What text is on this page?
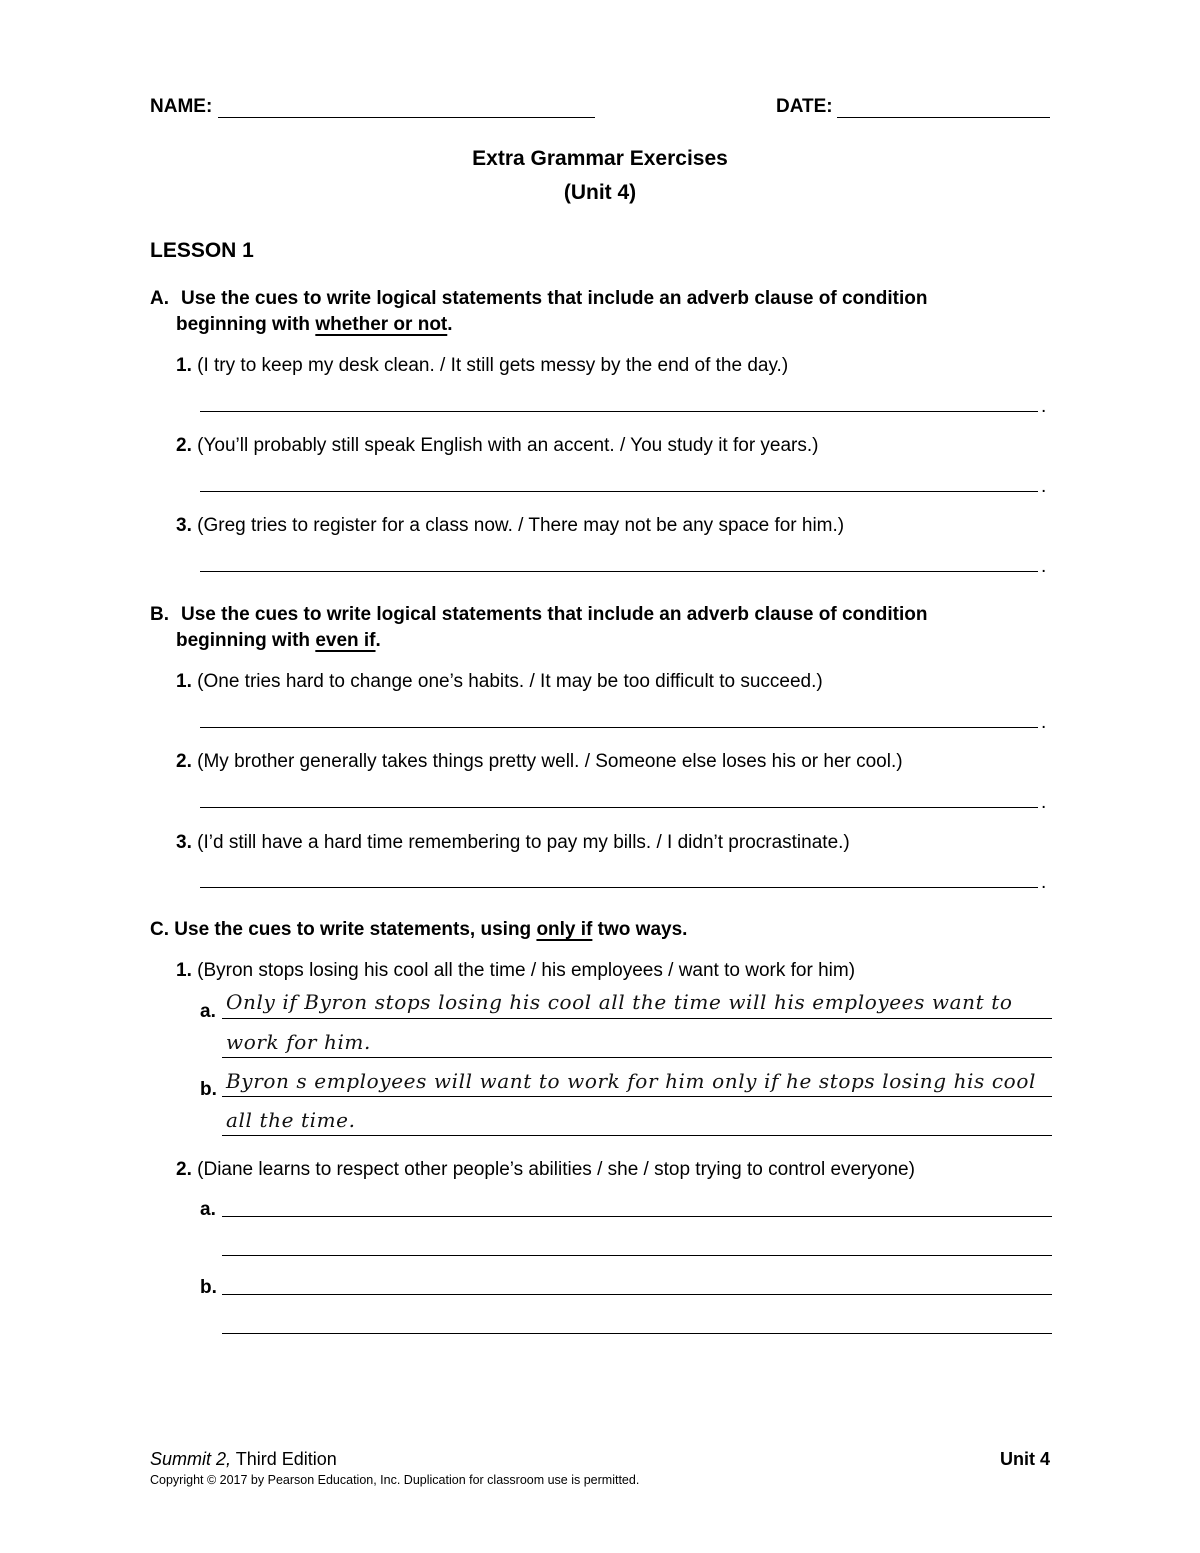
NAME:	DATE:
Extra Grammar Exercises
(Unit 4)
LESSON 1
A. Use the cues to write logical statements that include an adverb clause of condition
beginning with whether or not.
1. (I try to keep my desk clean. / It still gets messy by the end of the day.)
.
2. (You’ll probably still speak English with an accent. / You study it for years.)
.
3. (Greg tries to register for a class now. / There may not be any space for him.)
.
B. Use the cues to write logical statements that include an adverb clause of condition
beginning with even if.
1. (One tries hard to change one’s habits. / It may be too difficult to succeed.)
.
2. (My brother generally takes things pretty well. / Someone else loses his or her cool.)
.
3. (I’d still have a hard time remembering to pay my bills. / I didn’t procrastinate.)
.
C. Use the cues to write statements, using only if two ways.
1. (Byron stops losing his cool all the time / his employees / want to work for him)
a. Only if Byron stops losing his cool all the time will his employees want to
work for him.
b. Byron s employees will want to work for him only if he stops losing his cool
all the time.
2. (Diane learns to respect other people’s abilities / she / stop trying to control everyone)
a.
b.
Summit 2, Third Edition	Unit 4
Copyright © 2017 by Pearson Education, Inc. Duplication for classroom use is permitted.
